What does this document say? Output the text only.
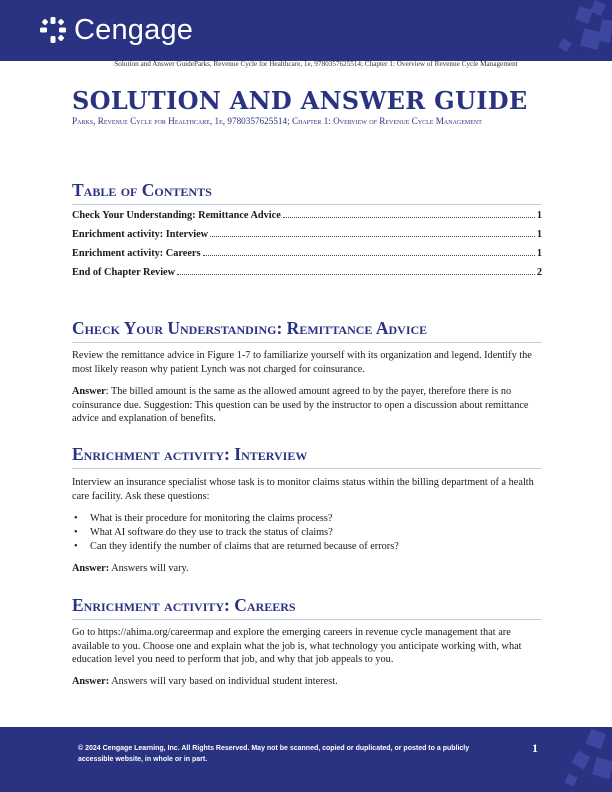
Cengage
Solution and Answer GuideParks, Revenue Cycle for Healthcare, 1e, 9780357625514; Chapter 1: Overview of Revenue Cycle Management
SOLUTION AND ANSWER GUIDE
Parks, Revenue Cycle for Healthcare, 1e, 9780357625514; Chapter 1: Overview of Revenue Cycle Management
Table of Contents
Check Your Understanding: Remittance Advice	1
Enrichment activity: Interview	1
Enrichment activity: Careers	1
End of Chapter Review	2
Check Your Understanding: Remittance Advice

Review the remittance advice in Figure 1-7 to familiarize yourself with its organization and legend. Identify the most likely reason why patient Lynch was not charged for coinsurance.

Answer: The billed amount is the same as the allowed amount agreed to by the payer, therefore there is no coinsurance due. Suggestion: This question can be used by the instructor to open a discussion about remittance advice and explanation of benefits.

Enrichment activity: Interview

Interview an insurance specialist whose task is to monitor claims status within the billing department of a health care facility. Ask these questions:

• What is their procedure for monitoring the claims process?
• What AI software do they use to track the status of claims?
• Can they identify the number of claims that are returned because of errors?

Answer: Answers will vary.

Enrichment activity: Careers

Go to https://ahima.org/careermap and explore the emerging careers in revenue cycle management that are available to you. Choose one and explain what the job is, what technology you anticipate working with, what education level you need to perform that job, and why that job appeals to you.

Answer: Answers will vary based on individual student interest.

© 2024 Cengage Learning, Inc. All Rights Reserved. May not be scanned, copied or duplicated, or posted to a publicly accessible website, in whole or in part.
1
